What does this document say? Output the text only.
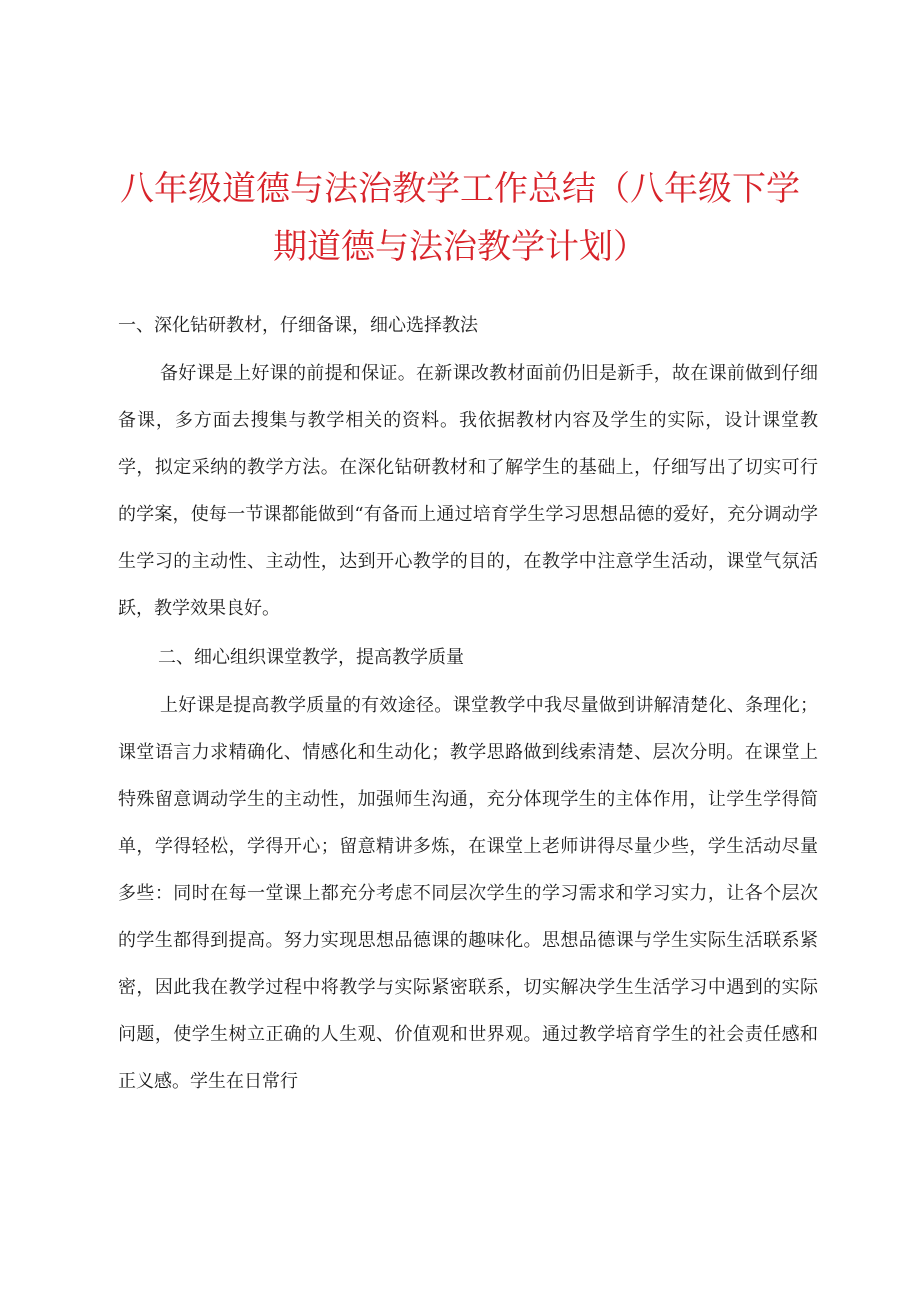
八年级道德与法治教学工作总结（八年级下学
期道德与法治教学计划）

一、深化钻研教材，仔细备课，细心选择教法

备好课是上好课的前提和保证。在新课改教材面前仍旧是新手，故在课前做到仔细备课，多方面去搜集与教学相关的资料。我依据教材内容及学生的实际，设计课堂教学，拟定采纳的教学方法。在深化钻研教材和了解学生的基础上，仔细写出了切实可行的学案，使每一节课都能做到“有备而上通过培育学生学习思想品德的爱好，充分调动学生学习的主动性、主动性，达到开心教学的目的，在教学中注意学生活动，课堂气氛活跃，教学效果良好。

二、细心组织课堂教学，提高教学质量

上好课是提高教学质量的有效途径。课堂教学中我尽量做到讲解清楚化、条理化；课堂语言力求精确化、情感化和生动化；教学思路做到线索清楚、层次分明。在课堂上特殊留意调动学生的主动性，加强师生沟通，充分体现学生的主体作用，让学生学得简单，学得轻松，学得开心；留意精讲多炼，在课堂上老师讲得尽量少些，学生活动尽量多些：同时在每一堂课上都充分考虑不同层次学生的学习需求和学习实力，让各个层次的学生都得到提高。努力实现思想品德课的趣味化。思想品德课与学生实际生活联系紧密，因此我在教学过程中将教学与实际紧密联系，切实解决学生生活学习中遇到的实际问题，使学生树立正确的人生观、价值观和世界观。通过教学培育学生的社会责任感和正义感。学生在日常行
